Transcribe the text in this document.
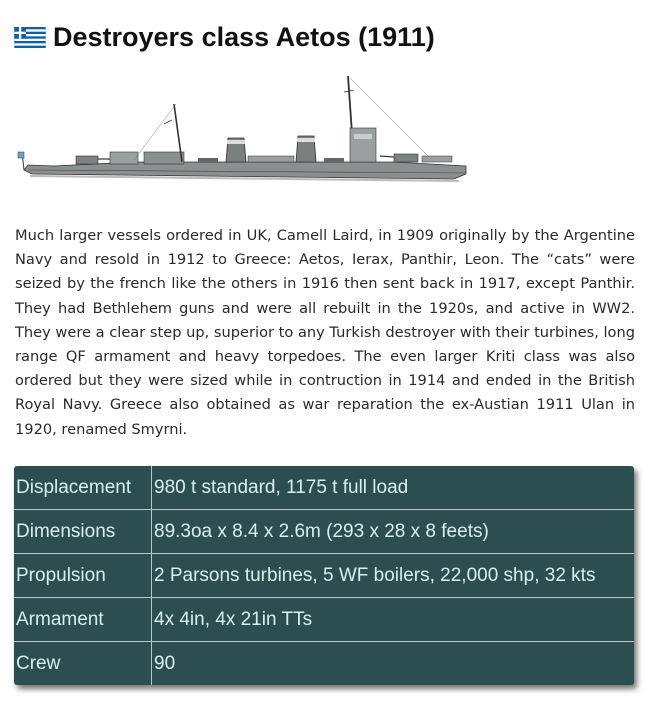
Destroyers class Aetos (1911)

Much larger vessels ordered in UK, Camell Laird, in 1909 originally by the Argentine Navy and resold in 1912 to Greece: Aetos, Ierax, Panthir, Leon. The “cats” were seized by the french like the others in 1916 then sent back in 1917, except Panthir. They had Bethlehem guns and were all rebuilt in the 1920s, and active in WW2. They were a clear step up, superior to any Turkish destroyer with their turbines, long range QF armament and heavy torpedoes. The even larger Kriti class was also ordered but they were sized while in contruction in 1914 and ended in the British Royal Navy. Greece also obtained as war reparation the ex-Austian 1911 Ulan in 1920, renamed Smyrni.

Displacement	980 t standard, 1175 t full load
Dimensions	89.3oa x 8.4 x 2.6m (293 x 28 x 8 feets)
Propulsion	2 Parsons turbines, 5 WF boilers, 22,000 shp, 32 kts
Armament	4x 4in, 4x 21in TTs
Crew	90
